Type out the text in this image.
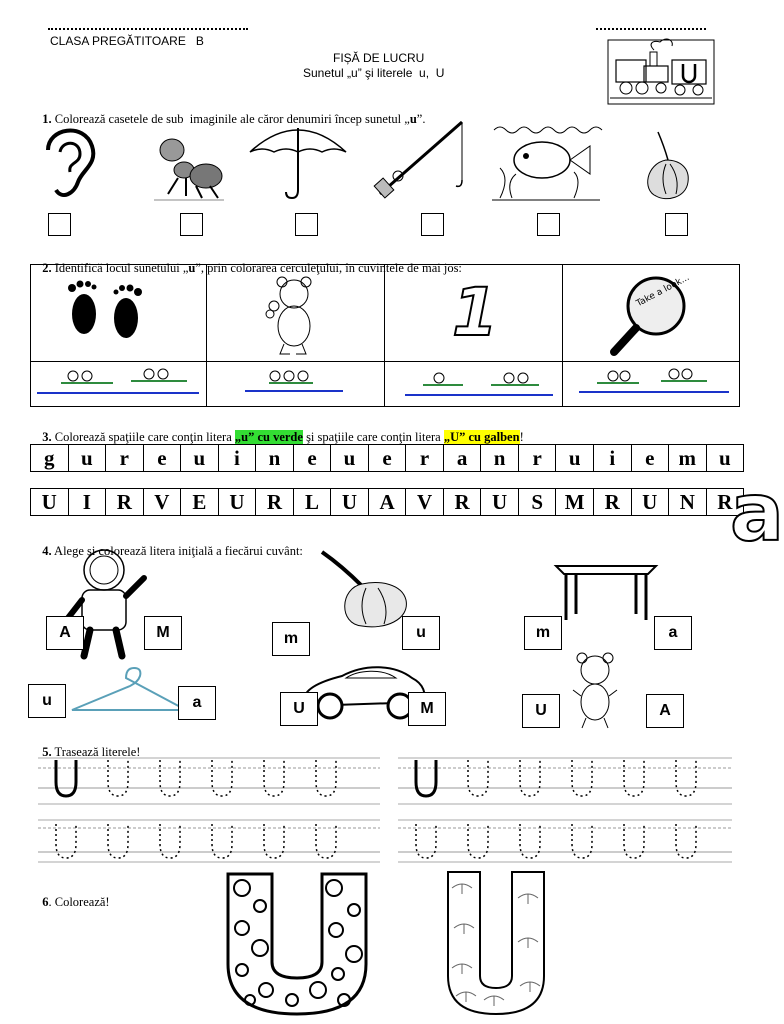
CLASA PREGĂTITOARE   B
FIȘĂ DE LUCRU
Sunetul „u” şi literele  u,  U

1. Colorează casetele de sub  imaginile ale căror denumiri încep sunetul „u”.

2. Identifică locul sunetului „u”, prin colorarea cerculeţului, în cuvintele de mai jos:

1	Take a look...

3. Colorează spaţiile care conţin litera „u” cu verde şi spaţiile care conţin litera „U” cu galben!

g	u	r	e	u	i	n	e	u	e	r	a	n	r	u	i	e	m	u
U	I	R	V	E	U	R	L	U	A	V	R	U	S	M R	U	N	R
a

4. Alege şi colorează litera iniţială a fiecărui cuvânt:

A	M	m	u	m	a
u	a	U	M	U	A

5. Trasează literele!

6. Colorează!
